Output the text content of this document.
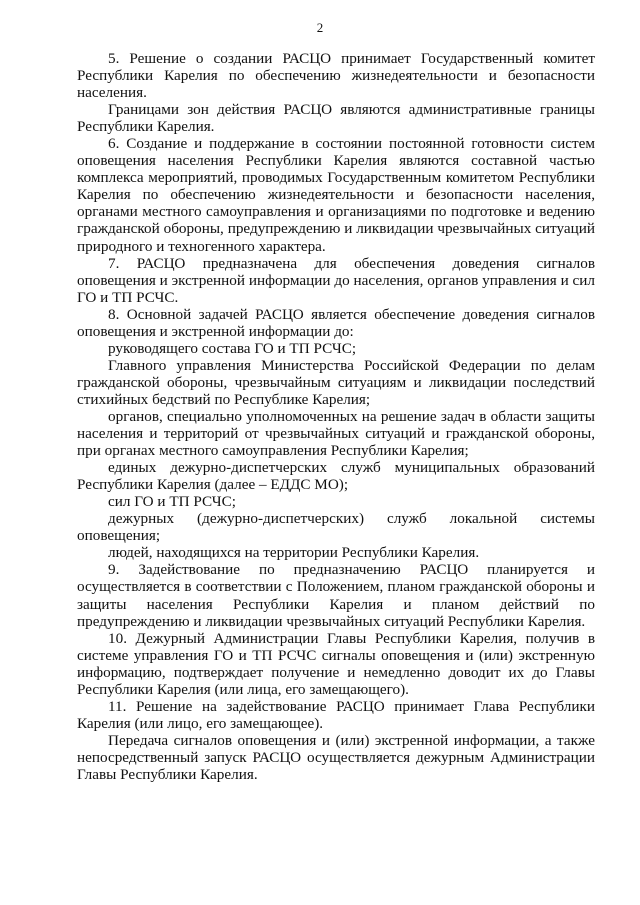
2

5. Решение о создании РАСЦО принимает Государственный комитет Республики Карелия по обеспечению жизнедеятельности и безопасности населения.

Границами зон действия РАСЦО являются административные границы Республики Карелия.

6. Создание и поддержание в состоянии постоянной готовности систем оповещения населения Республики Карелия являются составной частью комплекса мероприятий, проводимых Государственным комитетом Республики Карелия по обеспечению жизнедеятельности и безопасности населения, органами местного самоуправления и организациями по подготовке и ведению гражданской обороны, предупреждению и ликвидации чрезвычайных ситуаций природного и техногенного характера.

7. РАСЦО предназначена для обеспечения доведения сигналов оповещения и экстренной информации до населения, органов управления и сил ГО и ТП РСЧС.

8. Основной задачей РАСЦО является обеспечение доведения сигналов оповещения и экстренной информации до:

руководящего состава ГО и ТП РСЧС;

Главного управления Министерства Российской Федерации по делам гражданской обороны, чрезвычайным ситуациям и ликвидации последствий стихийных бедствий по Республике Карелия;

органов, специально уполномоченных на решение задач в области защиты населения и территорий от чрезвычайных ситуаций и гражданской обороны, при органах местного самоуправления Республики Карелия;

единых дежурно-диспетчерских служб муниципальных образований Республики Карелия (далее – ЕДДС МО);

сил ГО и ТП РСЧС;

дежурных (дежурно-диспетчерских) служб локальной системы оповещения;

людей, находящихся на территории Республики Карелия.

9. Задействование по предназначению РАСЦО планируется и осуществляется в соответствии с Положением, планом гражданской обороны и защиты населения Республики Карелия и планом действий по предупреждению и ликвидации чрезвычайных ситуаций Республики Карелия.

10. Дежурный Администрации Главы Республики Карелия, получив в системе управления ГО и ТП РСЧС сигналы оповещения и (или) экстренную информацию, подтверждает получение и немедленно доводит их до Главы Республики Карелия (или лица, его замещающего).

11. Решение на задействование РАСЦО принимает Глава Республики Карелия (или лицо, его замещающее).

Передача сигналов оповещения и (или) экстренной информации, а также непосредственный запуск РАСЦО осуществляется дежурным Администрации Главы Республики Карелия.
